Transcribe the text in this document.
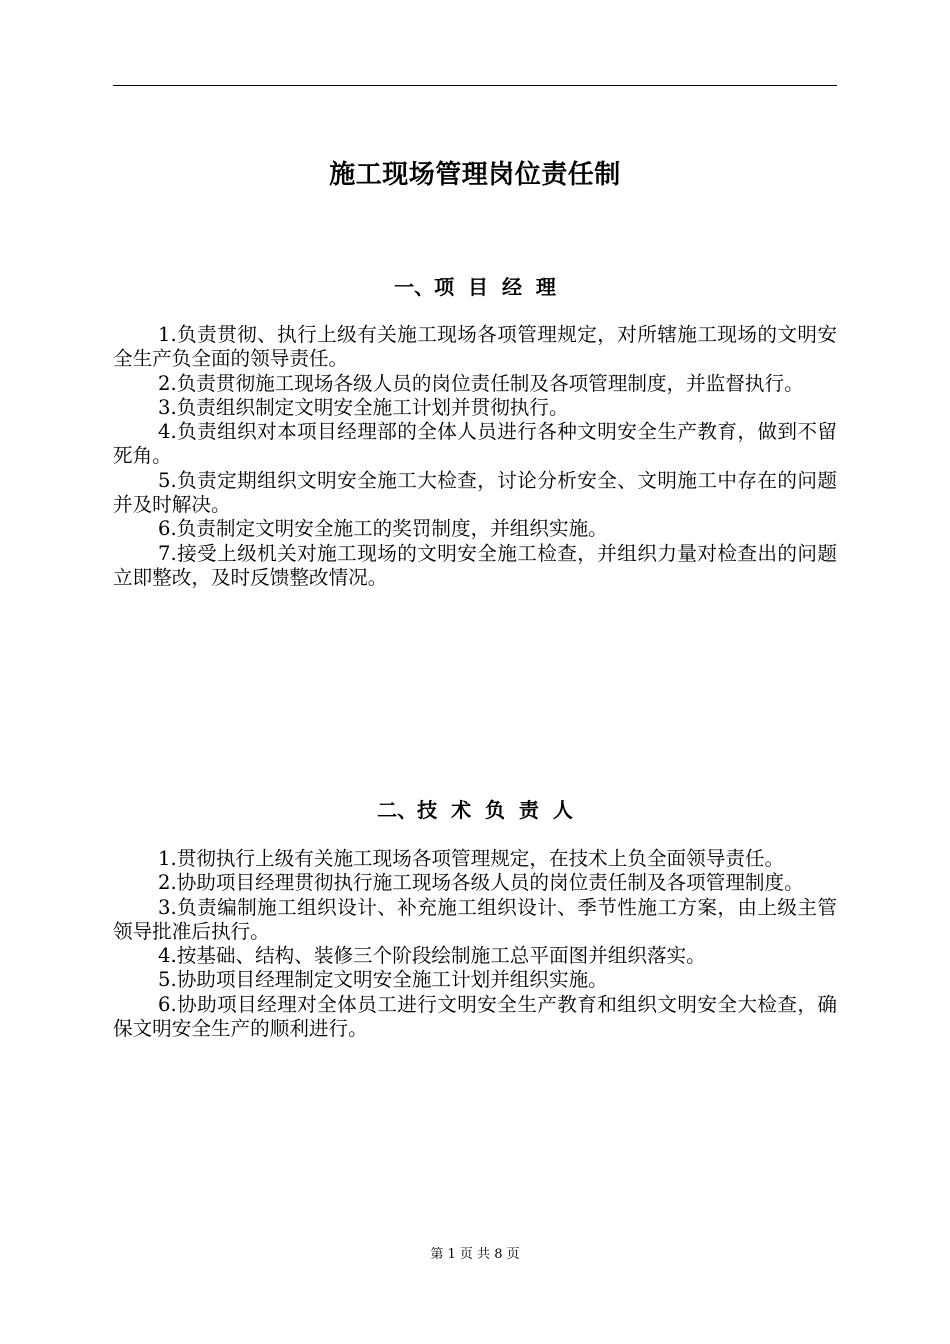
施工现场管理岗位责任制
一、项  目  经  理

1.负责贯彻、执行上级有关施工现场各项管理规定，对所辖施工现场的文明安全生产负全面的领导责任。

2.负责贯彻施工现场各级人员的岗位责任制及各项管理制度，并监督执行。

3.负责组织制定文明安全施工计划并贯彻执行。

4.负责组织对本项目经理部的全体人员进行各种文明安全生产教育，做到不留死角。

5.负责定期组织文明安全施工大检查，讨论分析安全、文明施工中存在的问题并及时解决。

6.负责制定文明安全施工的奖罚制度，并组织实施。

7.接受上级机关对施工现场的文明安全施工检查，并组织力量对检查出的问题立即整改，及时反馈整改情况。

二、技  术  负  责  人

1.贯彻执行上级有关施工现场各项管理规定，在技术上负全面领导责任。

2.协助项目经理贯彻执行施工现场各级人员的岗位责任制及各项管理制度。

3.负责编制施工组织设计、补充施工组织设计、季节性施工方案，由上级主管领导批准后执行。

4.按基础、结构、装修三个阶段绘制施工总平面图并组织落实。

5.协助项目经理制定文明安全施工计划并组织实施。

6.协助项目经理对全体员工进行文明安全生产教育和组织文明安全大检查，确保文明安全生产的顺利进行。

第 1 页 共 8 页
